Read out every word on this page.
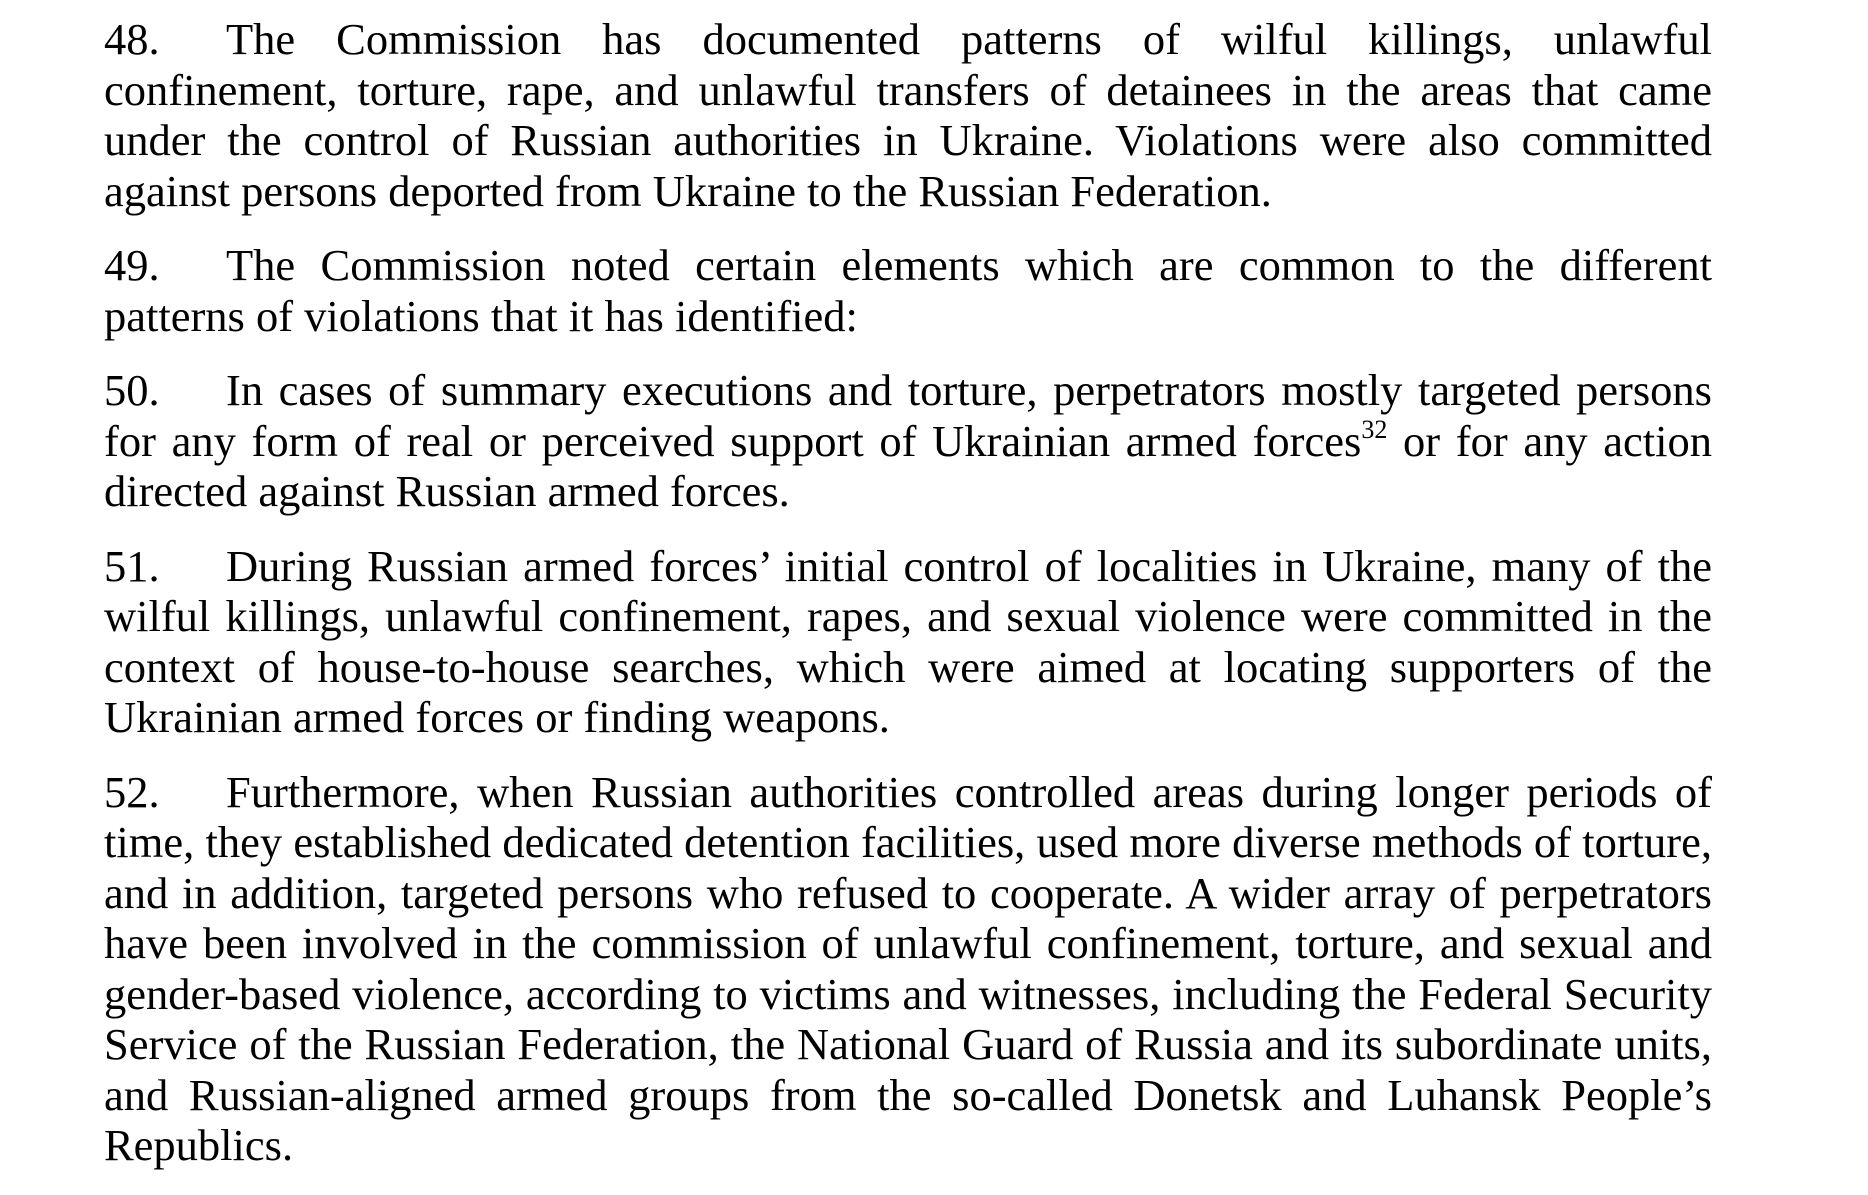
48. The Commission has documented patterns of wilful killings, unlawful confinement, torture, rape, and unlawful transfers of detainees in the areas that came under the control of Russian authorities in Ukraine. Violations were also committed against persons deported from Ukraine to the Russian Federation.

49. The Commission noted certain elements which are common to the different patterns of violations that it has identified:

50. In cases of summary executions and torture, perpetrators mostly targeted persons for any form of real or perceived support of Ukrainian armed forces$^{32}$ or for any action directed against Russian armed forces.

51. During Russian armed forces’ initial control of localities in Ukraine, many of the wilful killings, unlawful confinement, rapes, and sexual violence were committed in the context of house-to-house searches, which were aimed at locating supporters of the Ukrainian armed forces or finding weapons.

52. Furthermore, when Russian authorities controlled areas during longer periods of time, they established dedicated detention facilities, used more diverse methods of torture, and in addition, targeted persons who refused to cooperate. A wider array of perpetrators have been involved in the commission of unlawful confinement, torture, and sexual and gender-based violence, according to victims and witnesses, including the Federal Security Service of the Russian Federation, the National Guard of Russia and its subordinate units, and Russian-aligned armed groups from the so-called Donetsk and Luhansk People’s Republics.
